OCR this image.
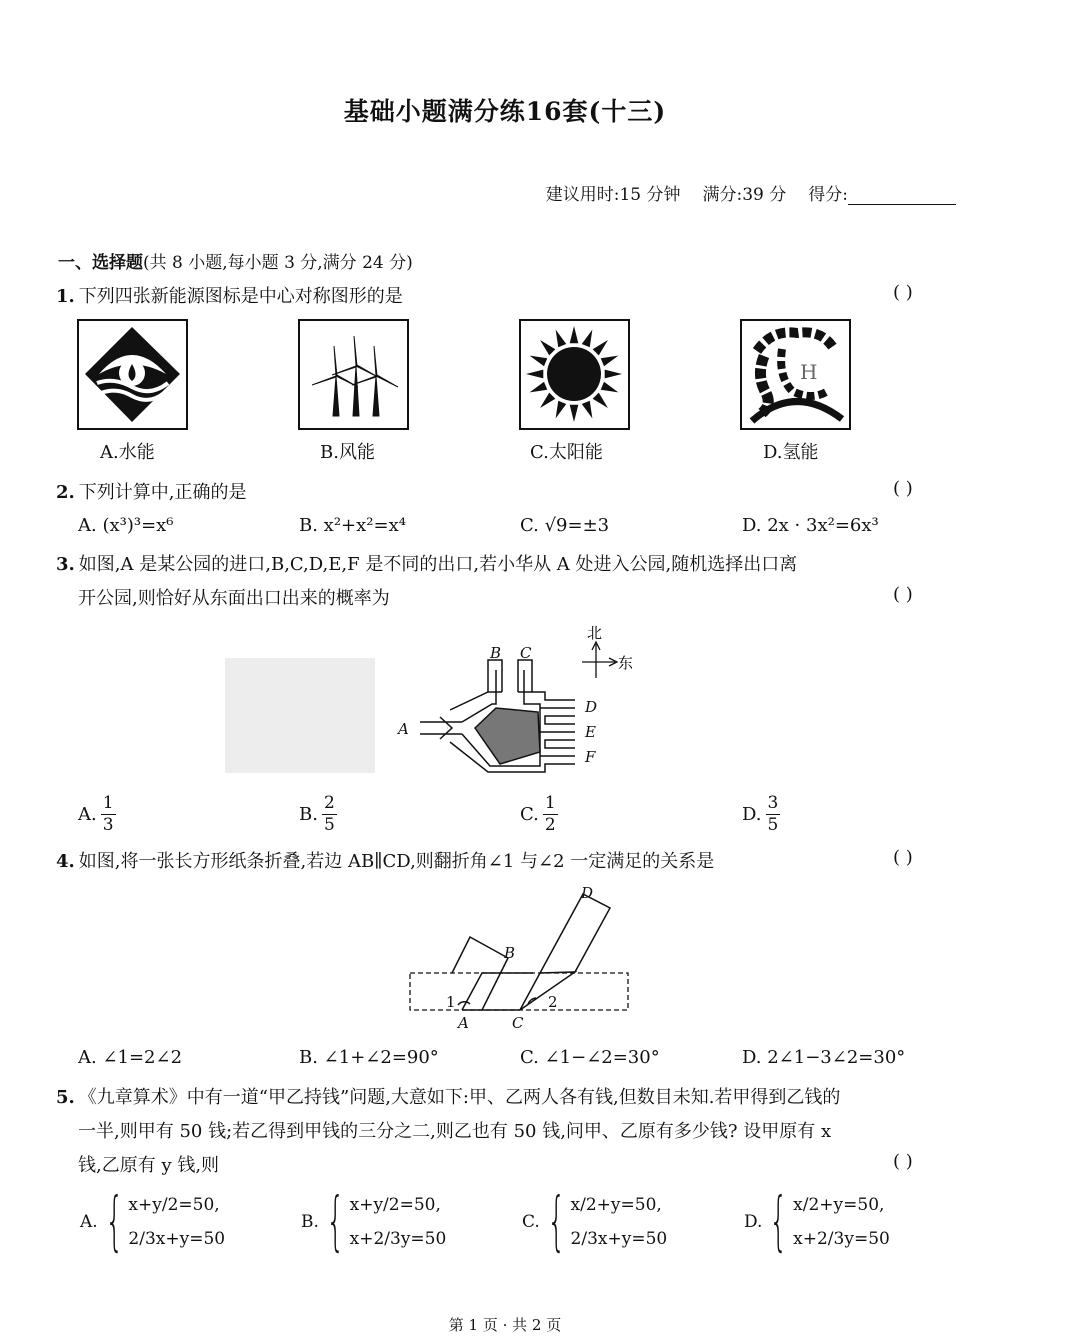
基础小题满分练16套(十三)
建议用时:15 分钟 满分:39 分 得分:
一、选择题(共 8 小题,每小题 3 分,满分 24 分)
1. 下列四张新能源图标是中心对称图形的是	( )
H
A.水能	B.风能	C.太阳能	D.氢能
2. 下列计算中,正确的是	( )
A. (x³)³=x⁶	B. x²+x²=x⁴	C. √9=±3	D. 2x · 3x²=6x³
3. 如图,A 是某公园的进口,B,C,D,E,F 是不同的出口,若小华从 A 处进入公园,随机选择出口离
开公园,则恰好从东面出口出来的概率为	( )
B C
D
E
F
A
北
东
A. $\frac{1}{3}$	B. $\frac{2}{5}$	C. $\frac{1}{2}$	D. $\frac{3}{5}$
4. 如图,将一张长方形纸条折叠,若边 AB∥CD,则翻折角∠1 与∠2 一定满足的关系是	( )
A
B
C
D
1	2
A. ∠1=2∠2	B. ∠1+∠2=90°	C. ∠1−∠2=30°	D. 2∠1−3∠2=30°
5. 《九章算术》中有一道“甲乙持钱”问题,大意如下:甲、乙两人各有钱,但数目未知.若甲得到乙钱的
一半,则甲有 50 钱;若乙得到甲钱的三分之二,则乙也有 50 钱,问甲、乙原有多少钱? 设甲原有 x
钱,乙原有 y 钱,则	( )
A. { x+y/2=50,
2/3x+y=50
B. { x+y/2=50,
x+2/3y=50
C. { x/2+y=50,
2/3x+y=50
D. { x/2+y=50,
x+2/3y=50
第 1 页 · 共 2 页
